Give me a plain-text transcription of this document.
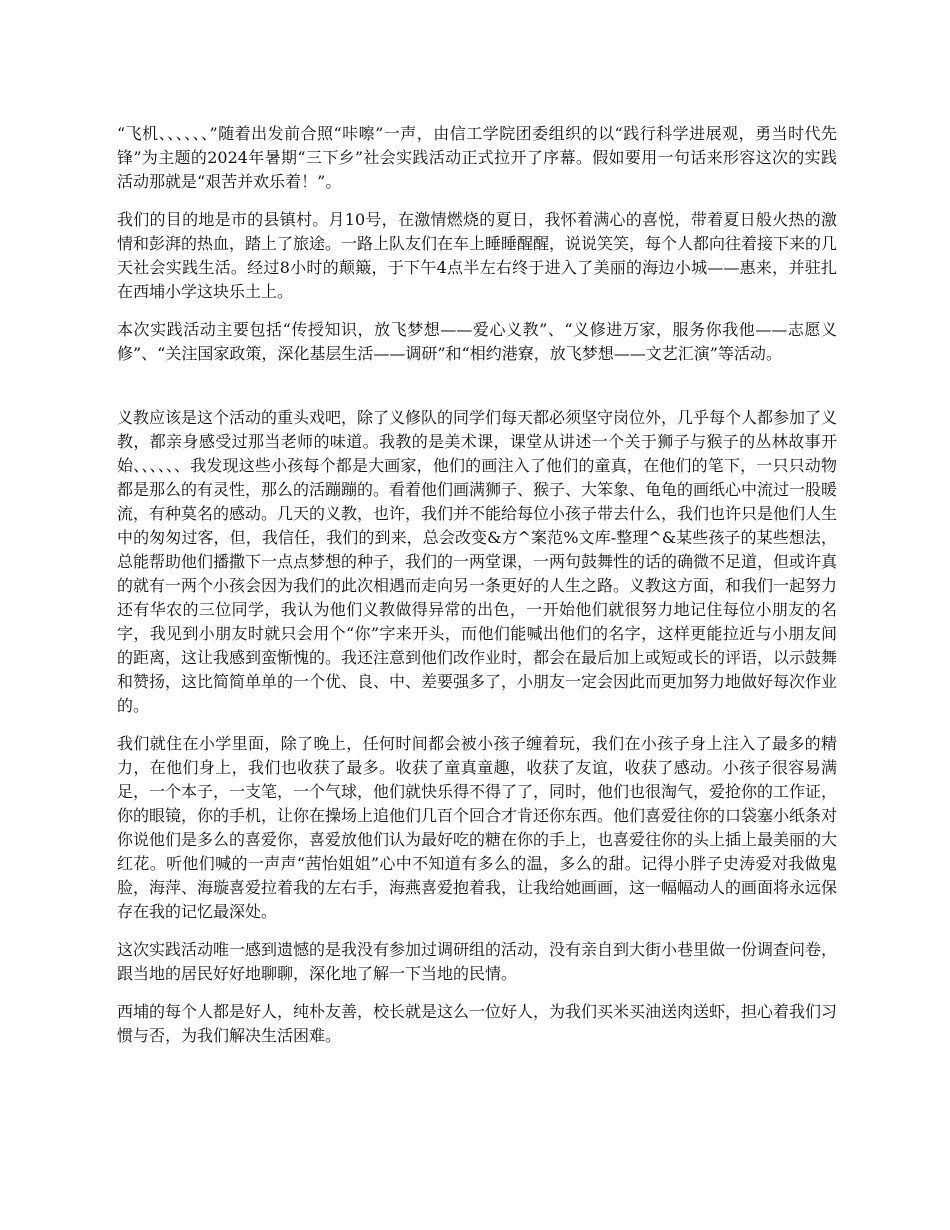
“飞机、、、、、、”随着出发前合照“咔嚓”一声，由信工学院团委组织的以“践行科学进展观，勇当时代先锋”为主题的2024年暑期“三下乡”社会实践活动正式拉开了序幕。假如要用一句话来形容这次的实践活动那就是“艰苦并欢乐着！”。

我们的目的地是市的县镇村。月10号，在激情燃烧的夏日，我怀着满心的喜悦，带着夏日般火热的激情和彭湃的热血，踏上了旅途。一路上队友们在车上睡睡醒醒，说说笑笑，每个人都向往着接下来的几天社会实践生活。经过8小时的颠簸，于下午4点半左右终于进入了美丽的海边小城——惠来，并驻扎在西埔小学这块乐土上。

本次实践活动主要包括“传授知识，放飞梦想——爱心义教”、“义修进万家，服务你我他——志愿义修”、“关注国家政策，深化基层生活——调研”和“相约港寮，放飞梦想——文艺汇演”等活动。

义教应该是这个活动的重头戏吧，除了义修队的同学们每天都必须坚守岗位外，几乎每个人都参加了义教，都亲身感受过那当老师的味道。我教的是美术课，课堂从讲述一个关于狮子与猴子的丛林故事开始、、、、、、我发现这些小孩每个都是大画家，他们的画注入了他们的童真，在他们的笔下，一只只动物都是那么的有灵性，那么的活蹦蹦的。看着他们画满狮子、猴子、大笨象、龟龟的画纸心中流过一股暖流，有种莫名的感动。几天的义教，也许，我们并不能给每位小孩子带去什么，我们也许只是他们人生中的匆匆过客，但，我信任，我们的到来，总会改变&方^案范%文库-整理^&某些孩子的某些想法，总能帮助他们播撒下一点点梦想的种子，我们的一两堂课，一两句鼓舞性的话的确微不足道，但或许真的就有一两个小孩会因为我们的此次相遇而走向另一条更好的人生之路。义教这方面，和我们一起努力还有华农的三位同学，我认为他们义教做得异常的出色，一开始他们就很努力地记住每位小朋友的名字，我见到小朋友时就只会用个“你”字来开头，而他们能喊出他们的名字，这样更能拉近与小朋友间的距离，这让我感到蛮惭愧的。我还注意到他们改作业时，都会在最后加上或短或长的评语，以示鼓舞和赞扬，这比简简单单的一个优、良、中、差要强多了，小朋友一定会因此而更加努力地做好每次作业的。

我们就住在小学里面，除了晚上，任何时间都会被小孩子缠着玩，我们在小孩子身上注入了最多的精力，在他们身上，我们也收获了最多。收获了童真童趣，收获了友谊，收获了感动。小孩子很容易满足，一个本子，一支笔，一个气球，他们就快乐得不得了了，同时，他们也很淘气，爱抢你的工作证，你的眼镜，你的手机，让你在操场上追他们几百个回合才肯还你东西。他们喜爱往你的口袋塞小纸条对你说他们是多么的喜爱你，喜爱放他们认为最好吃的糖在你的手上，也喜爱往你的头上插上最美丽的大红花。听他们喊的一声声“茜怡姐姐”心中不知道有多么的温，多么的甜。记得小胖子史涛爱对我做鬼脸，海萍、海璇喜爱拉着我的左右手，海燕喜爱抱着我，让我给她画画，这一幅幅动人的画面将永远保存在我的记忆最深处。

这次实践活动唯一感到遗憾的是我没有参加过调研组的活动，没有亲自到大街小巷里做一份调查问卷，跟当地的居民好好地聊聊，深化地了解一下当地的民情。

西埔的每个人都是好人，纯朴友善，校长就是这么一位好人，为我们买米买油送肉送虾，担心着我们习惯与否，为我们解决生活困难。
